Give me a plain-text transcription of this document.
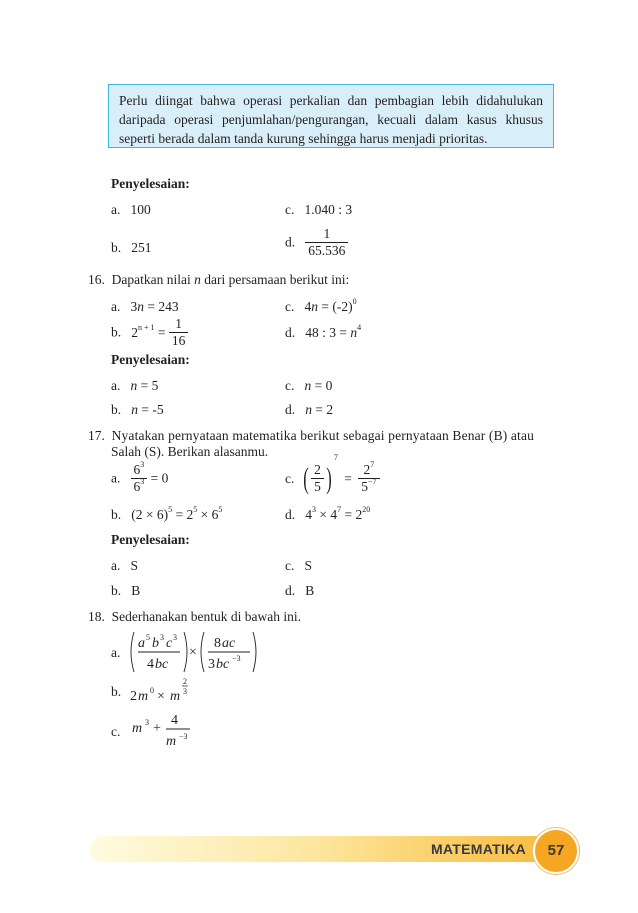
Perlu diingat bahwa operasi perkalian dan pembagian lebih didahulukan daripada operasi penjumlahan/pengurangan, kecuali dalam kasus khusus seperti berada dalam tanda kurung sehingga harus menjadi prioritas.

Penyelesaian:
a. 100	c. 1.040 : 3
b. 251	d. $\frac{1}{65.536}$
16. Dapatkan nilai n dari persamaan berikut ini:
a. 3n = 243	c. $4n = (-2)^0$
b. $2^{n + 1} = \frac{1}{16}$	d. 48 : $3 = n^4$
Penyelesaian:
a. n = 5	c. n = 0
b. n = -5	d. n = 2
17. Nyatakan pernyataan matematika berikut sebagai pernyataan Benar (B) atau
Salah (S). Berikan alasanmu.
a. $\frac{6^3}{6^3} = 0$	c. ( $\frac{2}{5} )^7 = \frac{2^7}{5^{-7}}$
b. $(2 \times 6)^5 = 2^5 \times 6^5$	d. $4^3 \times 4^7 = 2^{20}$
Penyelesaian:
a. S	c. S
b. B	d. B
18. Sederhanakan bentuk di bawah ini.
a.
a 5 b 3 c 3
4 bc
×
8 ac
3 bc −3
b. 2 m 0 × m
2
3
c. m 3 +
4
m −3
MATEMATIKA	57
